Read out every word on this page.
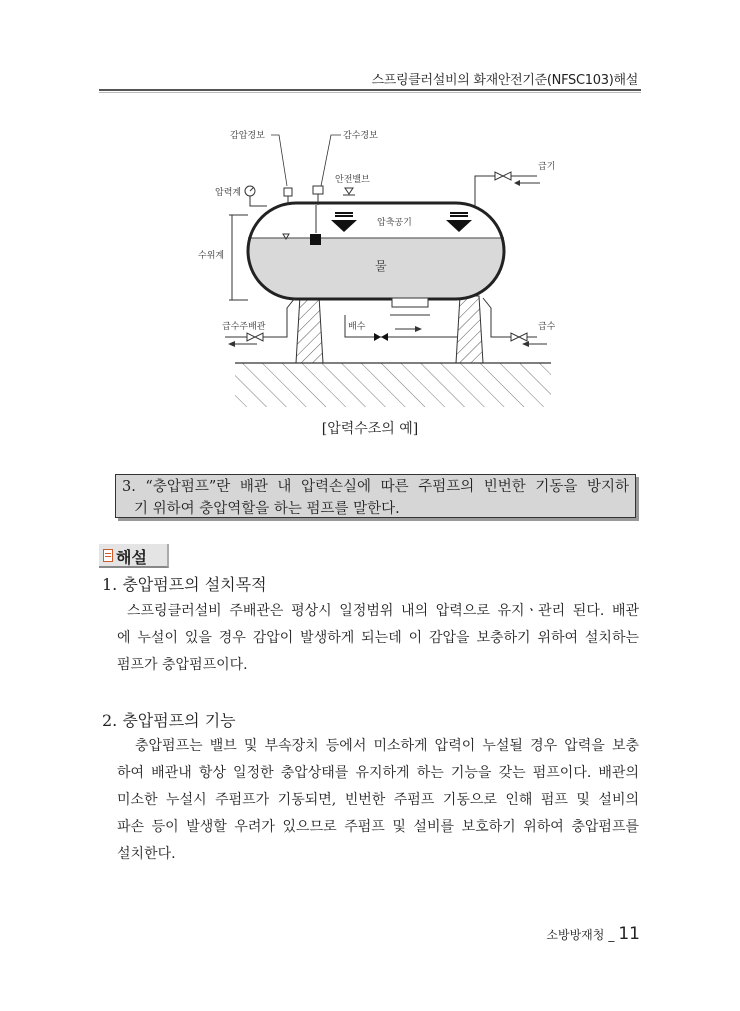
스프링클러설비의 화재안전기준(NFSC103)해설
감압경보	감수경보
안전밸브
압력계
급기
압축공기
물
수위계
급수주배관	배수	급수
[압력수조의 예]
3. “충압펌프”란 배관 내 압력손실에 따른 주펌프의 빈번한 기동을 방지하
기 위하여 충압역할을 하는 펌프를 말한다.
해설
1. 충압펌프의 설치목적
스프링클러설비 주배관은 평상시 일정범위 내의 압력으로 유지ㆍ관리 된다. 배관
에 누설이 있을 경우 감압이 발생하게 되는데 이 감압을 보충하기 위하여 설치하는
펌프가 충압펌프이다.
2. 충압펌프의 기능
충압펌프는 밸브 및 부속장치 등에서 미소하게 압력이 누설될 경우 압력을 보충
하여 배관내 항상 일정한 충압상태를 유지하게 하는 기능을 갖는 펌프이다. 배관의
미소한 누설시 주펌프가 기동되면, 빈번한 주펌프 기동으로 인해 펌프 및 설비의
파손 등이 발생할 우려가 있으므로 주펌프 및 설비를 보호하기 위하여 충압펌프를
설치한다.
소방방재청 _ 11
